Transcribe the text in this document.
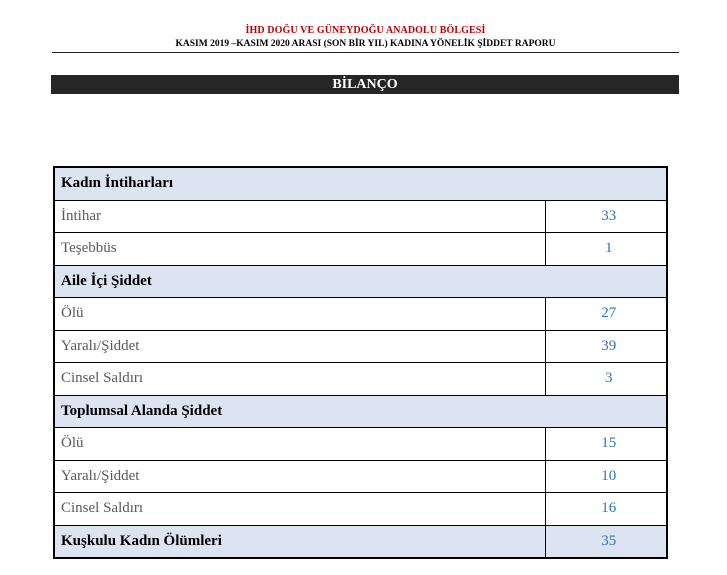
İHD DOĞU VE GÜNEYDOĞU ANADOLU BÖLGESİ
KASIM 2019 –KASIM 2020 ARASI (SON BİR YIL) KADINA YÖNELİK ŞİDDET RAPORU
BİLANÇO
Kadın İntiharları	
İntihar	33
Teşebbüs	1
Aile İçi Şiddet	
Ölü	27
Yaralı/Şiddet	39
Cinsel Saldırı	3
Toplumsal Alanda Şiddet	
Ölü	15
Yaralı/Şiddet	10
Cinsel Saldırı	16
Kuşkulu Kadın Ölümleri	35
